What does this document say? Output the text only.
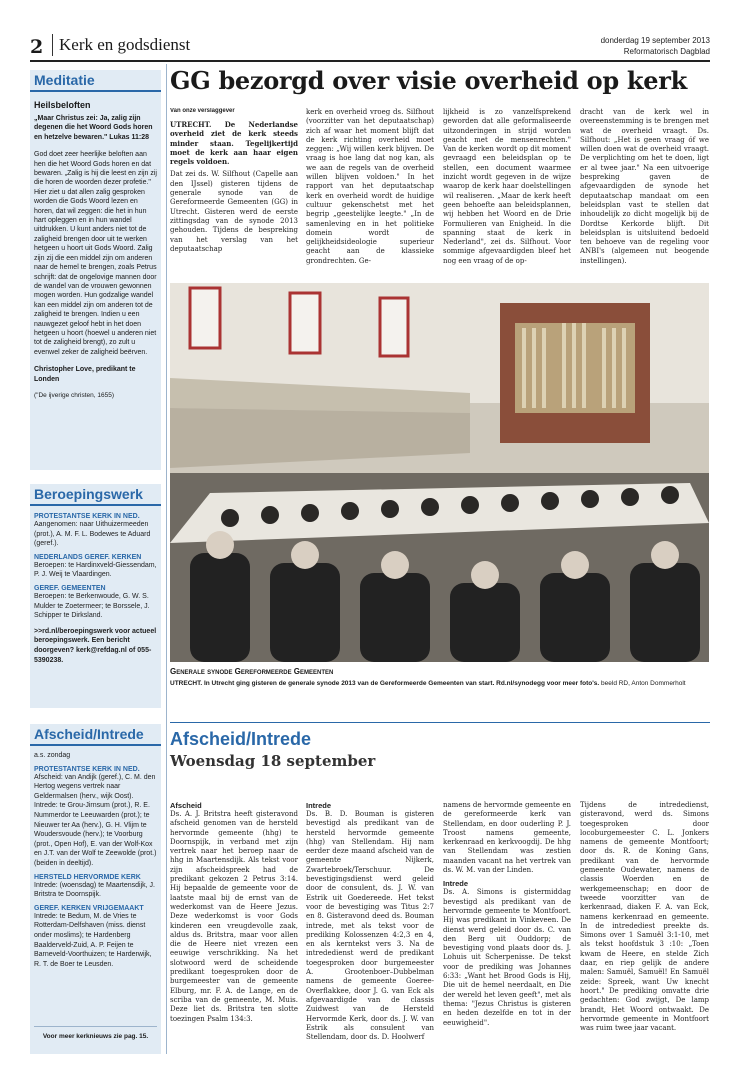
2 Kerk en godsdienst	donderdag 19 september 2013
Reformatorisch Dagblad
Meditatie
Heilsbeloften
„Maar Christus zei: Ja, zalig zijn degenen die het Woord Gods horen en hetzelve bewaren." Lukas 11:28
God doet zeer heerlijke beloften aan hen die het Woord Gods horen en dat bewaren. „Zalig is hij die leest en zijn zij die horen de woorden dezer profetie." Hier ziet u dat allen zalig gesproken worden die Gods Woord lezen en horen, dat wil zeggen: die het in hun hart opleggen en in hun wandel uitdrukken. U kunt anders niet tot de zaligheid brengen door uit te werken hetgeen u hoort uit Gods Woord. Zalig zijn zij die een middel zijn om anderen naar de hemel te brengen, zoals Petrus schrijft: dat de ongelovige mannen door de wandel van de vrouwen gewonnen mogen worden. Hun godzalige wandel kan een middel zijn om anderen tot de zaligheid te brengen. Indien u een nauwgezet geloof hebt in het doen hetgeen u hoort (hoewel u anderen niet tot de zaligheid brengt), zo zult u evenwel zeker de zaligheid beërven.
Christopher Love, predikant te Londen
("De ijverige christen, 1655)
Beroepingswerk
PROTESTANTSE KERK IN NED.
Aangenomen: naar Uithuizermeeden (prot.), A. M. F. L. Bodewes te Aduard (geref.).
NEDERLANDS GEREF. KERKEN
Beroepen: te Hardinxveld-Giessendam, P. J. Weij te Vlaardingen.
GEREF. GEMEENTEN
Beroepen: te Berkenwoude, G. W. S. Mulder te Zoetermeer; te Borssele, J. Schipper te Dirksland.
>>rd.nl/beroepingswerk voor actueel beroepingswerk. Een bericht doorgeven? kerk@refdag.nl of 055-5390238.
Afscheid/Intrede
a.s. zondag
PROTESTANTSE KERK IN NED.
Afscheid: van Andijk (geref.), C. M. den Hertog wegens vertrek naar Geldermalsen (herv., wijk Oost). Intrede: te Grou-Jirnsum (prot.), R. E. Nummerdor te Leeuwarden (prot.); te Nieuwer ter Aa (herv.), G. H. Vlijm te Woudersvoude (herv.); te Voorburg (prot., Open Hof), E. van der Wolf-Kox en J.T. van der Wolf te Zeewolde (prot.) (beiden in deeltijd).
HERSTELD HERVORMDE KERK
Intrede: (woensdag) te Maartensdijk, J. Britstra te Doornspijk.
GEREF. KERKEN VRIJGEMAAKT
Intrede: te Bedum, M. de Vries te Rotterdam-Delfshaven (miss. dienst onder moslims); te Hardenberg Baalderveld-Zuid, A. P. Feijen te Barneveld-Voorthuizen; te Harderwijk, R. T. de Boer te Leusden.
Voor meer kerknieuws zie pag. 15.
GG bezorgd over visie overheid op kerk
Van onze verslaggever
UTRECHT. De Nederlandse overheid ziet de kerk steeds minder staan. Tegelijkertijd moet de kerk aan haar eigen regels voldoen.
Dat zei ds. W. Silfhout (Capelle aan den IJssel) gisteren tijdens de generale synode van de Gereformeerde Gemeenten (GG) in Utrecht. Gisteren werd de eerste zittingsdag van de synode 2013 gehouden. Tijdens de bespreking van het verslag van het deputaatschap
kerk en overheid vroeg ds. Silfhout (voorzitter van het deputaatschap) zich af waar het moment blijft dat de kerk richting overheid moet zeggen: „Wij willen kerk blijven. De vraag is hoe lang dat nog kan, als we aan de regels van de overheid willen blijven voldoen." In het rapport van het deputaatschap kerk en overheid wordt de huidige cultuur gekenschetst met het begrip „geestelijke leegte." „In de samenleving en in het politieke domein wordt de gelijkheidsideologie superieur geacht aan de klassieke grondrechten. Ge-
lijkheid is zo vanzelfsprekend geworden dat alle geformaliseerde uitzonderingen in strijd worden geacht met de mensenrechten." Van de kerken wordt op dit moment gevraagd een beleidsplan op te stellen, een document waarmee inzicht wordt gegeven in de wijze waarop de kerk haar doelstellingen wil realiseren. „Maar de kerk heeft geen behoefte aan beleidsplannen, wij hebben het Woord en de Drie Formulieren van Enigheid. In die spanning staat de kerk in Nederland", zei ds. Silfhout. Voor sommige afgevaardigden bleef het nog een vraag of de op-
dracht van de kerk wel in overeenstemming is te brengen met wat de overheid vraagt. Ds. Silfhout: „Het is geen vraag óf we willen doen wat de overheid vraagt. De verplichting om het te doen, ligt er al twee jaar." Na een uitvoerige bespreking gaven de afgevaardigden de synode het deputaatschap mandaat om een beleidsplan vast te stellen dat inhoudelijk zo dicht mogelijk bij de Dordtse Kerkorde blijft. Dit beleidsplan is uitsluitend bedoeld ten behoeve van de regeling voor ANBI's (algemeen nut beogende instellingen).
Generale synode Gereformeerde Gemeenten
UTRECHT. In Utrecht ging gisteren de generale synode 2013 van de Gereformeerde Gemeenten van start. Rd.nl/synodegg voor meer foto's. beeld RD, Anton Dommerholt
Afscheid/Intrede
Woensdag 18 september
Afscheid
Ds. A. J. Britstra heeft gisteravond afscheid genomen van de hersteld hervormde gemeente (hhg) te Doornspijk, in verband met zijn vertrek naar het beroep naar de hhg in Maartensdijk. Als tekst voor zijn afscheidspreek had de predikant gekozen 2 Petrus 3:14. Hij bepaalde de gemeente voor de laatste maal bij de ernst van de wederkomst van de Heere Jezus. Deze wederkomst is voor Gods kinderen een vreugdevolle zaak, aldus ds. Britstra, maar voor allen die de Heere niet vrezen een eeuwige verschrikking. Na het slotwoord werd de scheidende predikant toegesproken door de burgemeester van de gemeente Elburg, mr. F. A. de Lange, en de scriba van de gemeente, M. Muis. Deze liet ds. Britstra ten slotte toezingen Psalm 134:3.
Intrede
Ds. B. D. Bouman is gisteren bevestigd als predikant van de hersteld hervormde gemeente (hhg) van Stellendam. Hij nam eerder deze maand afscheid van de gemeente Nijkerk, Zwartebroek/Terschuur. De bevestigingsdienst werd geleid door de consulent, ds. J. W. van Estrik uit Goedereede. Het tekst voor de bevestiging was Titus 2:7 en 8. Gisteravond deed ds. Bouman intrede, met als tekst voor de prediking Kolossenzen 4:2,3 en 4, en als kerntekst vers 3. Na de intrededienst werd de predikant toegesproken door burgemeester A. Grootenboer–Dubbelman namens de gemeente Goeree-Overflakkee, door J. G. van Eck als afgevaardigde van de classis Zuidwest van de Hersteld Hervormde Kerk, door ds. J. W. van Estrik als consulent van Stellendam, door ds. D. Hoolwerf
namens de hervormde gemeente en de gereformeerde kerk van Stellendam, en door ouderling P. J. Troost namens gemeente, kerkenraad en kerkvoogdij. De hhg van Stellendam was zestien maanden vacant na het vertrek van ds. W. M. van der Linden.
Intrede
Ds. A. Simons is gistermiddag bevestigd als predikant van de hervormde gemeente te Montfoort. Hij was predikant in Vinkeveen. De dienst werd geleid door ds. C. van den Berg uit Ouddorp; de bevestiging vond plaats door ds. J. Lohuis uit Scherpenisse. De tekst voor de prediking was Johannes 6:33: „Want het Brood Gods is Hij, Die uit de hemel neerdaalt, en Die der wereld het leven geeft", met als thema: "Jezus Christus is gisteren en heden dezelfde en tot in der eeuwigheid".
Tijdens de intrededienst, gisteravond, werd ds. Simons toegesproken door locoburgemeester C. L. Jonkers namens de gemeente Montfoort; door ds. R. de Koning Gans, predikant van de hervormde gemeente Oudewater, namens de classis Woerden en de werkgemeenschap; en door de tweede voorzitter van de kerkenraad, diaken F. A. van Eck, namens kerkenraad en gemeente. In de intredediest preekte ds. Simons over 1 Samuël 3:1-10, met als tekst hoofdstuk 3 :10: „Toen kwam de Heere, en stelde Zich daar, en riep gelijk de andere malen: Samuël, Samuël! En Samuël zeide: Spreek, want Uw knecht hoort." De prediking omvatte drie gedachten: God zwijgt, De lamp brandt, Het Woord ontwaakt. De hervormde gemeente in Montfoort was ruim twee jaar vacant.
